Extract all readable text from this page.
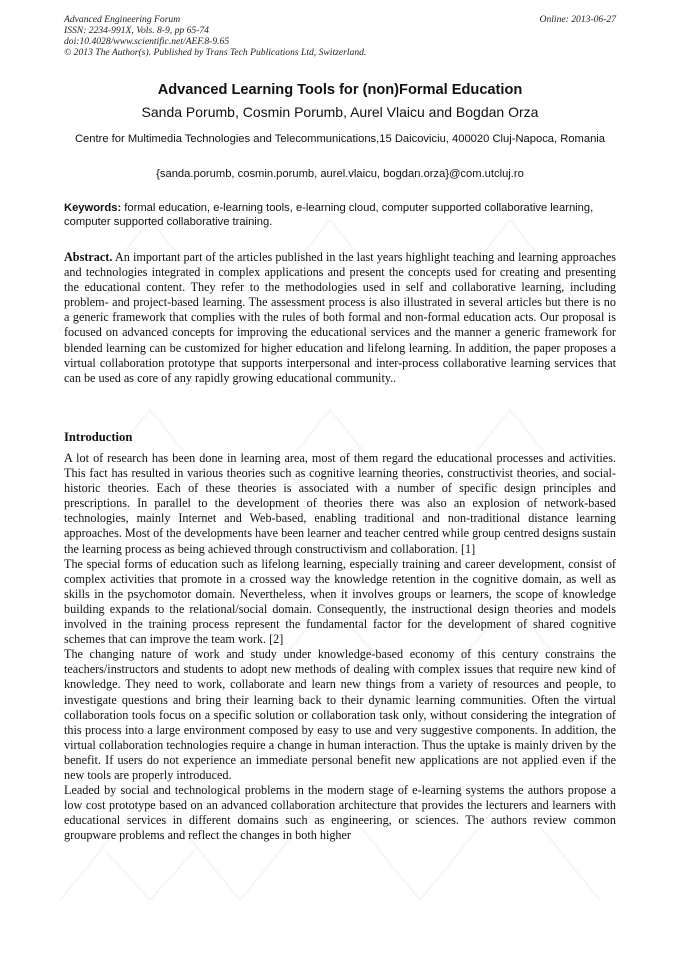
Advanced Engineering Forum
ISSN: 2234-991X, Vols. 8-9, pp 65-74
doi:10.4028/www.scientific.net/AEF.8-9.65
© 2013 The Author(s). Published by Trans Tech Publications Ltd, Switzerland.
Online: 2013-06-27
Advanced Learning Tools for (non)Formal Education
Sanda Porumb, Cosmin Porumb, Aurel Vlaicu and Bogdan Orza
Centre for Multimedia Technologies and Telecommunications,15 Daicoviciu, 400020 Cluj-Napoca, Romania
{sanda.porumb, cosmin.porumb, aurel.vlaicu, bogdan.orza}@com.utcluj.ro
Keywords: formal education, e-learning tools, e-learning cloud, computer supported collaborative learning, computer supported collaborative training.
Abstract. An important part of the articles published in the last years highlight teaching and learning approaches and technologies integrated in complex applications and present the concepts used for creating and presenting the educational content. They refer to the methodologies used in self and collaborative learning, including problem- and project-based learning. The assessment process is also illustrated in several articles but there is no a generic framework that complies with the rules of both formal and non-formal education acts. Our proposal is focused on advanced concepts for improving the educational services and the manner a generic framework for blended learning can be customized for higher education and lifelong learning. In addition, the paper proposes a virtual collaboration prototype that supports interpersonal and inter-process collaborative learning services that can be used as core of any rapidly growing educational community..
Introduction

A lot of research has been done in learning area, most of them regard the educational processes and activities. This fact has resulted in various theories such as cognitive learning theories, constructivist theories, and social-historic theories. Each of these theories is associated with a number of specific design principles and prescriptions. In parallel to the development of theories there was also an explosion of network-based technologies, mainly Internet and Web-based, enabling traditional and non-traditional distance learning approaches. Most of the developments have been learner and teacher centred while group centred designs sustain the learning process as being achieved through constructivism and collaboration. [1]

The special forms of education such as lifelong learning, especially training and career development, consist of complex activities that promote in a crossed way the knowledge retention in the cognitive domain, as well as skills in the psychomotor domain. Nevertheless, when it involves groups or learners, the scope of knowledge building expands to the relational/social domain. Consequently, the instructional design theories and models involved in the training process represent the fundamental factor for the development of shared cognitive schemes that can improve the team work. [2]

The changing nature of work and study under knowledge-based economy of this century constrains the teachers/instructors and students to adopt new methods of dealing with complex issues that require new kind of knowledge. They need to work, collaborate and learn new things from a variety of resources and people, to investigate questions and bring their learning back to their dynamic learning communities. Often the virtual collaboration tools focus on a specific solution or collaboration task only, without considering the integration of this process into a large environment composed by easy to use and very suggestive components. In addition, the virtual collaboration technologies require a change in human interaction. Thus the uptake is mainly driven by the benefit. If users do not experience an immediate personal benefit new applications are not applied even if the new tools are properly introduced.

Leaded by social and technological problems in the modern stage of e-learning systems the authors propose a low cost prototype based on an advanced collaboration architecture that provides the lecturers and learners with educational services in different domains such as engineering, or sciences. The authors review common groupware problems and reflect the changes in both higher
